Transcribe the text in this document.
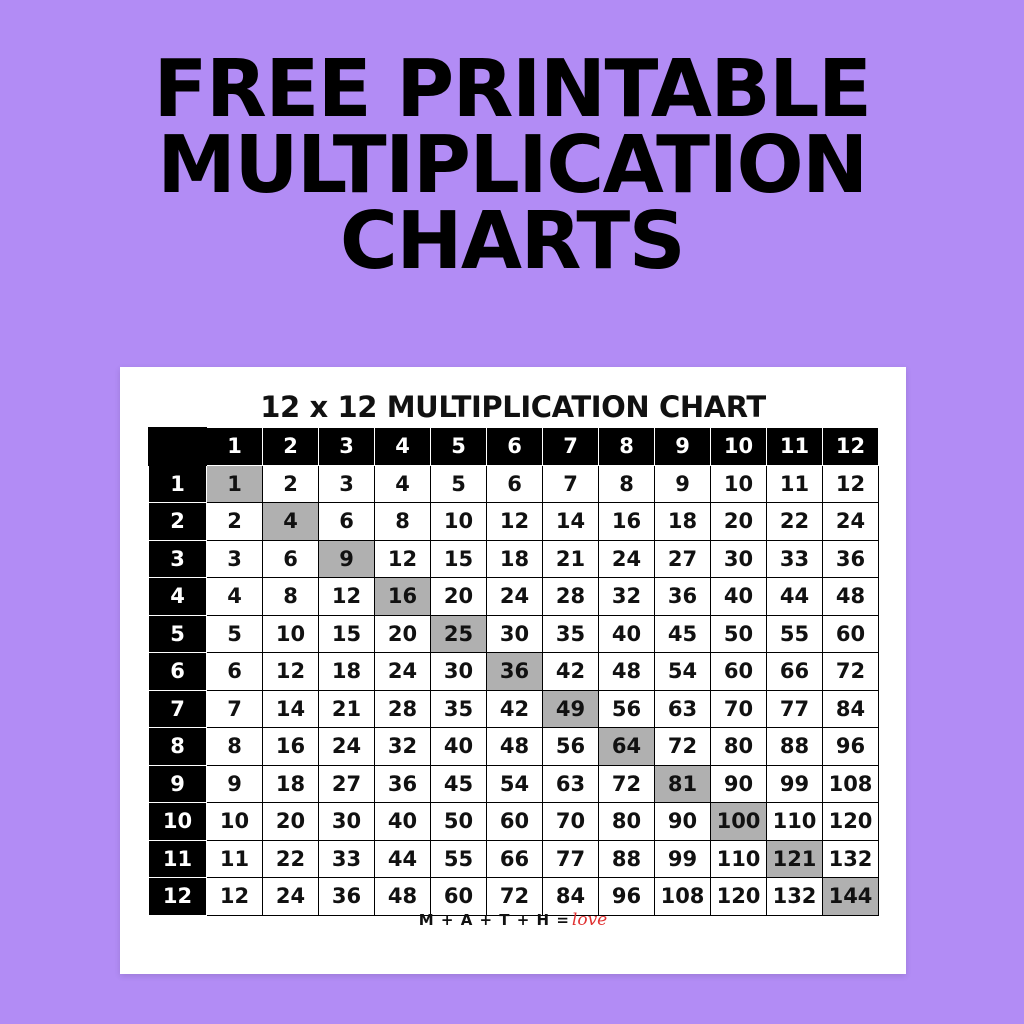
FREE PRINTABLE
MULTIPLICATION
CHARTS
12 x 12 MULTIPLICATION CHART
	1	2	3	4	5	6	7	8	9	10	11	12
1	1	2	3	4	5	6	7	8	9	10	11	12
2	2	4	6	8	10	12	14	16	18	20	22	24
3	3	6	9	12	15	18	21	24	27	30	33	36
4	4	8	12	16	20	24	28	32	36	40	44	48
5	5	10	15	20	25	30	35	40	45	50	55	60
6	6	12	18	24	30	36	42	48	54	60	66	72
7	7	14	21	28	35	42	49	56	63	70	77	84
8	8	16	24	32	40	48	56	64	72	80	88	96
9	9	18	27	36	45	54	63	72	81	90	99	108
10	10	20	30	40	50	60	70	80	90	100	110	120
11	11	22	33	44	55	66	77	88	99	110	121	132
12	12	24	36	48	60	72	84	96	108	120	132	144
M + A + T + H = love
